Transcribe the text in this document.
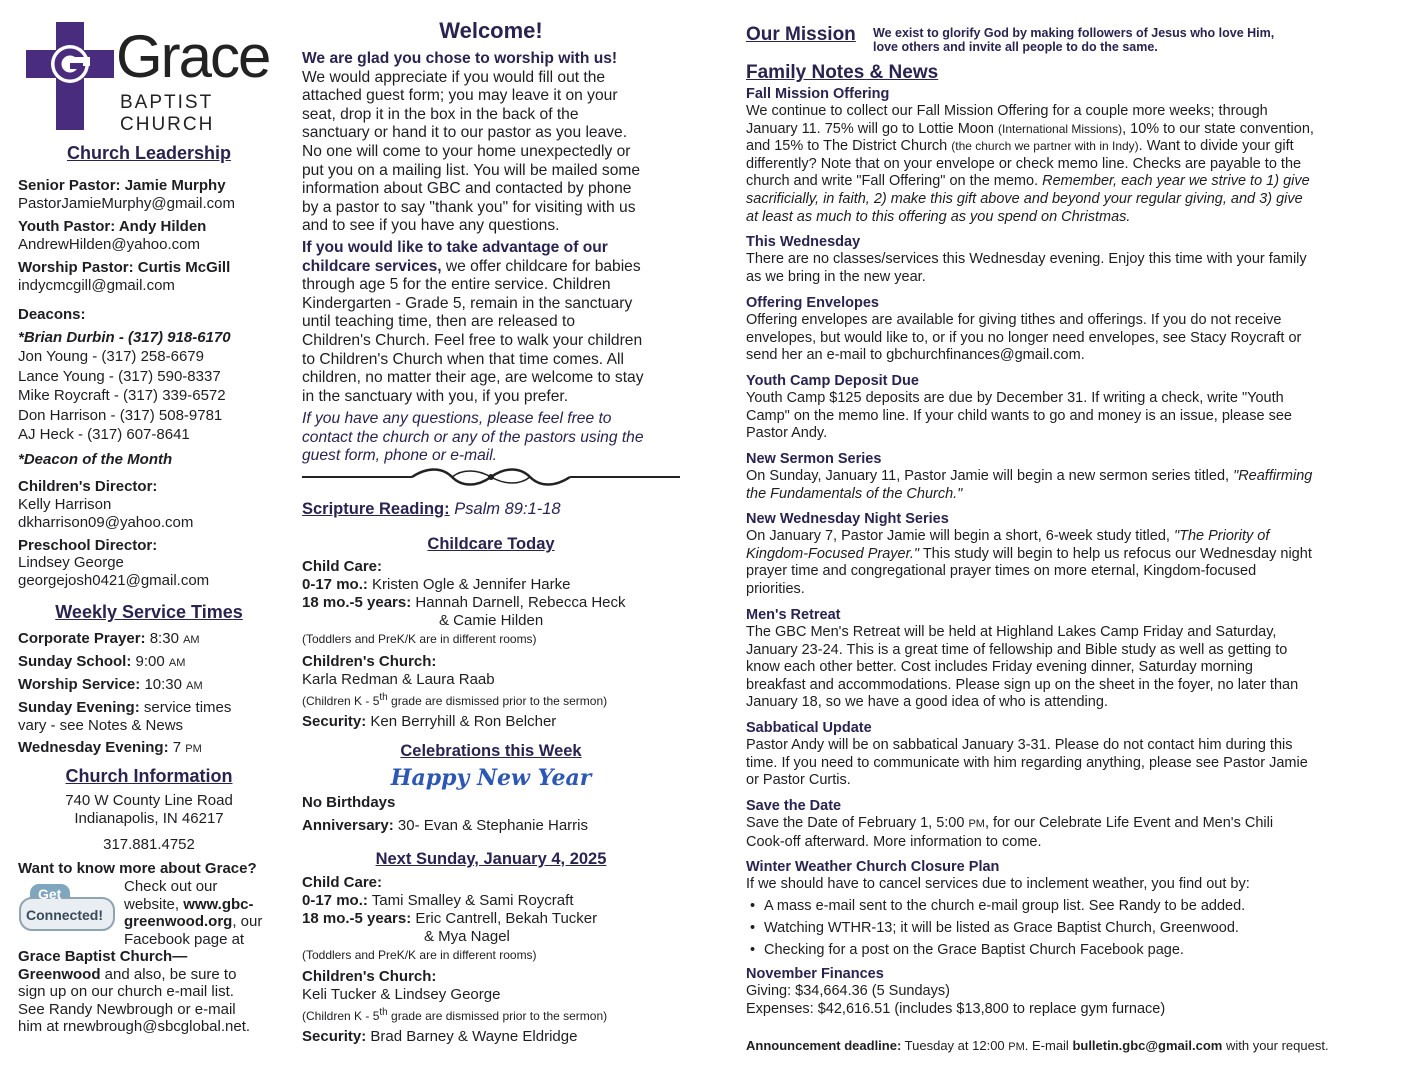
Grace
BAPTIST CHURCH
Church Leadership
Senior Pastor: Jamie Murphy
PastorJamieMurphy@gmail.com
Youth Pastor: Andy Hilden
AndrewHilden@yahoo.com
Worship Pastor: Curtis McGill
indycmcgill@gmail.com
Deacons:
*Brian Durbin - (317) 918-6170
Jon Young - (317) 258-6679
Lance Young - (317) 590-8337
Mike Roycraft - (317) 339-6572
Don Harrison - (317) 508-9781
AJ Heck - (317) 607-8641
*Deacon of the Month
Children's Director:
Kelly Harrison
dkharrison09@yahoo.com
Preschool Director:
Lindsey George
georgejosh0421@gmail.com
Weekly Service Times
Corporate Prayer: 8:30 AM
Sunday School: 9:00 AM
Worship Service: 10:30 AM
Sunday Evening: service times
vary - see Notes & News
Wednesday Evening: 7 PM
Church Information
740 W County Line Road
Indianapolis, IN 46217
317.881.4752
Want to know more about Grace?
Get
Connected!
Check out our
website, www.gbc-
greenwood.org, our
Facebook page at
Grace Baptist Church—
Greenwood and also, be sure to
sign up on our church e-mail list.
See Randy Newbrough or e-mail
him at rnewbrough@sbcglobal.net.
Welcome!
We are glad you chose to worship with us!
We would appreciate if you would fill out the
attached guest form; you may leave it on your
seat, drop it in the box in the back of the
sanctuary or hand it to our pastor as you leave.
No one will come to your home unexpectedly or
put you on a mailing list. You will be mailed some
information about GBC and contacted by phone
by a pastor to say "thank you" for visiting with us
and to see if you have any questions.
If you would like to take advantage of our
childcare services, we offer childcare for babies
through age 5 for the entire service. Children
Kindergarten - Grade 5, remain in the sanctuary
until teaching time, then are released to
Children's Church. Feel free to walk your children
to Children's Church when that time comes. All
children, no matter their age, are welcome to stay
in the sanctuary with you, if you prefer.
If you have any questions, please feel free to
contact the church or any of the pastors using the
guest form, phone or e-mail.
Scripture Reading: Psalm 89:1-18
Childcare Today
Child Care:
0-17 mo.: Kristen Ogle & Jennifer Harke
18 mo.-5 years: Hannah Darnell, Rebecca Heck
& Camie Hilden
(Toddlers and PreK/K are in different rooms)
Children's Church:
Karla Redman & Laura Raab
(Children K - 5th grade are dismissed prior to the sermon)
Security: Ken Berryhill & Ron Belcher
Celebrations this Week
Happy New Year
No Birthdays
Anniversary: 30- Evan & Stephanie Harris
Next Sunday, January 4, 2025
Child Care:
0-17 mo.: Tami Smalley & Sami Roycraft
18 mo.-5 years: Eric Cantrell, Bekah Tucker
& Mya Nagel
(Toddlers and PreK/K are in different rooms)
Children's Church:
Keli Tucker & Lindsey George
(Children K - 5th grade are dismissed prior to the sermon)
Security: Brad Barney & Wayne Eldridge
Our Mission We exist to glorify God by making followers of Jesus who love Him,
love others and invite all people to do the same.
Family Notes & News
Fall Mission Offering
We continue to collect our Fall Mission Offering for a couple more weeks; through
January 11. 75% will go to Lottie Moon (International Missions), 10% to our state convention,
and 15% to The District Church (the church we partner with in Indy). Want to divide your gift
differently? Note that on your envelope or check memo line. Checks are payable to the
church and write "Fall Offering" on the memo. Remember, each year we strive to 1) give
sacrificially, in faith, 2) make this gift above and beyond your regular giving, and 3) give
at least as much to this offering as you spend on Christmas.
This Wednesday
There are no classes/services this Wednesday evening. Enjoy this time with your family
as we bring in the new year.
Offering Envelopes
Offering envelopes are available for giving tithes and offerings. If you do not receive
envelopes, but would like to, or if you no longer need envelopes, see Stacy Roycraft or
send her an e-mail to gbchurchfinances@gmail.com.
Youth Camp Deposit Due
Youth Camp $125 deposits are due by December 31. If writing a check, write "Youth
Camp" on the memo line. If your child wants to go and money is an issue, please see
Pastor Andy.
New Sermon Series
On Sunday, January 11, Pastor Jamie will begin a new sermon series titled, "Reaffirming
the Fundamentals of the Church."
New Wednesday Night Series
On January 7, Pastor Jamie will begin a short, 6-week study titled, "The Priority of
Kingdom-Focused Prayer." This study will begin to help us refocus our Wednesday night
prayer time and congregational prayer times on more eternal, Kingdom-focused
priorities.
Men's Retreat
The GBC Men's Retreat will be held at Highland Lakes Camp Friday and Saturday,
January 23-24. This is a great time of fellowship and Bible study as well as getting to
know each other better. Cost includes Friday evening dinner, Saturday morning
breakfast and accommodations. Please sign up on the sheet in the foyer, no later than
January 18, so we have a good idea of who is attending.
Sabbatical Update
Pastor Andy will be on sabbatical January 3-31. Please do not contact him during this
time. If you need to communicate with him regarding anything, please see Pastor Jamie
or Pastor Curtis.
Save the Date
Save the Date of February 1, 5:00 PM, for our Celebrate Life Event and Men's Chili
Cook-off afterward. More information to come.
Winter Weather Church Closure Plan
If we should have to cancel services due to inclement weather, you find out by:
• A mass e-mail sent to the church e-mail group list. See Randy to be added.
• Watching WTHR-13; it will be listed as Grace Baptist Church, Greenwood.
• Checking for a post on the Grace Baptist Church Facebook page.
November Finances
Giving: $34,664.36 (5 Sundays)
Expenses: $42,616.51 (includes $13,800 to replace gym furnace)
Announcement deadline: Tuesday at 12:00 PM. E-mail bulletin.gbc@gmail.com with your request.
